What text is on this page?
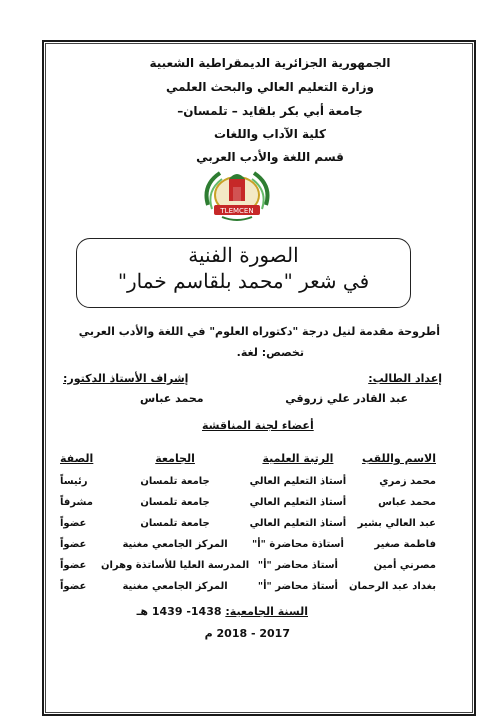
الجمهورية الجزائرية الديمقراطية الشعبية
وزارة التعليم العالي والبحث العلمي
جامعة أبي بكر بلقايد – تلمسان–
كلية الآداب واللغات
قسم اللغة والأدب العربي
TLEMCEN
الصورة الفنية
في شعر "محمد بلقاسم خمار"
أطروحة مقدمة لنيل درجة "دكتوراه العلوم" في اللغة والأدب العربي
تخصص: لغة.
إعداد الطالب:
إشراف الأستاذ الدكتور:
عبد القادر علي زروقي
محمد عباس
أعضاء لجنة المناقشة
الاسم واللقب	الرتبة العلمية	الجامعة	الصفة
محمد زمري	أستاذ التعليم العالي	جامعة تلمسان	رئيساً
محمد عباس	أستاذ التعليم العالي	جامعة تلمسان	مشرفاً
عبد العالي بشير	أستاذ التعليم العالي	جامعة تلمسان	عضواً
فاطمة صغير	أستاذة محاضرة "أ"	المركز الجامعي مغنية	عضواً
مصرني أمين	أستاذ محاضر "أ"	المدرسة العليا للأساتذة وهران	عضواً
بغداد عبد الرحمان	أستاذ محاضر "أ"	المركز الجامعي مغنية	عضواً
السنة الجامعية: 1438- 1439 هـ
2017 - 2018 م
